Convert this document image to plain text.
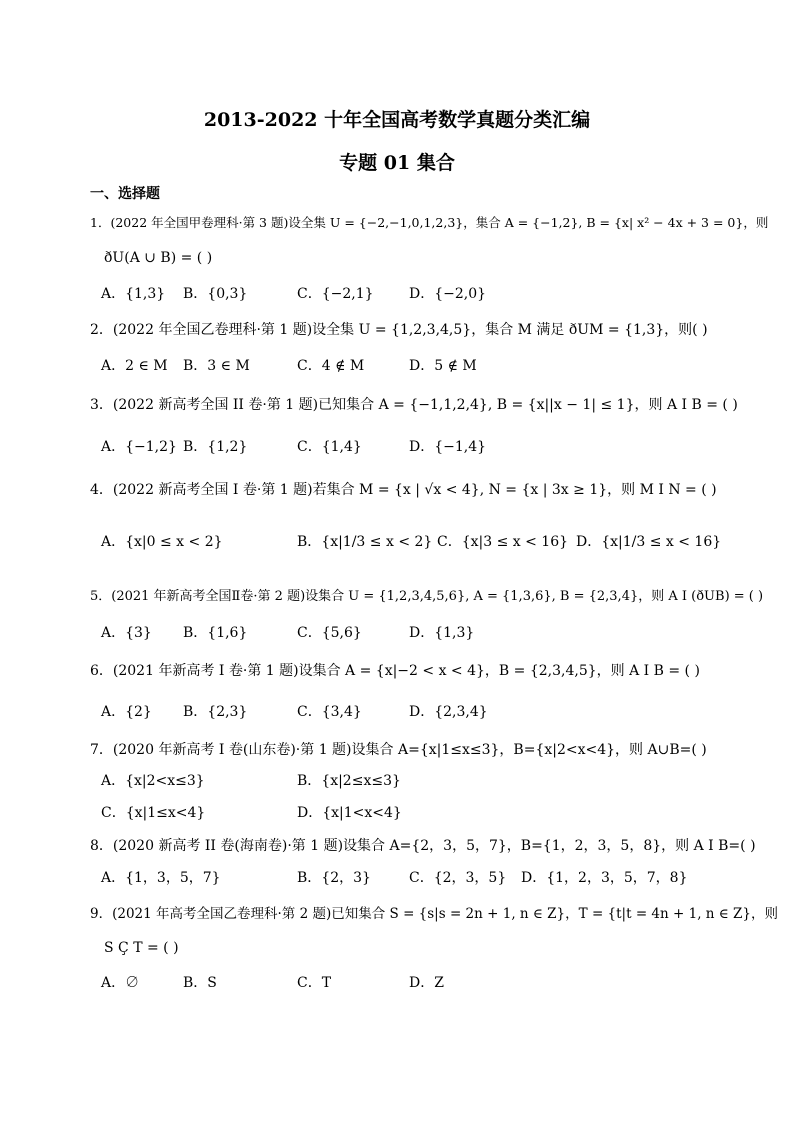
2013-2022 十年全国高考数学真题分类汇编
专题 01 集合
一、选择题
1．(2022 年全国甲卷理科·第 3 题)设全集 U = {−2,−1,0,1,2,3}，集合 A = {−1,2}, B = {x| x² − 4x + 3 = 0}，则
ðU(A ∪ B) = ( )
A．{1,3} B．{0,3}	C．{−2,1}	D．{−2,0}
2．(2022 年全国乙卷理科·第 1 题)设全集 U = {1,2,3,4,5}，集合 M 满足 ðUM = {1,3}，则( )
A．2 ∈ M B．3 ∈ M	C．4 ∉ M	D．5 ∉ M
3．(2022 新高考全国 II 卷·第 1 题)已知集合 A = {−1,1,2,4}, B = {x||x − 1| ≤ 1}，则 A I B = ( )
A．{−1,2} B．{1,2}	C．{1,4}	D．{−1,4}
4．(2022 新高考全国 I 卷·第 1 题)若集合 M = {x | √x < 4}, N = {x | 3x ≥ 1}，则 M I N = ( )
A．{x|0 ≤ x < 2}	B．{x|1/3 ≤ x < 2} C．{x|3 ≤ x < 16} D．{x|1/3 ≤ x < 16}
5．(2021 年新高考全国Ⅱ卷·第 2 题)设集合 U = {1,2,3,4,5,6}, A = {1,3,6}, B = {2,3,4}，则 A I (ðUB) = ( )
A．{3} B．{1,6}	C．{5,6}	D．{1,3}
6．(2021 年新高考 I 卷·第 1 题)设集合 A = {x|−2 < x < 4}，B = {2,3,4,5}，则 A I B = ( )
A．{2} B．{2,3}	C．{3,4}	D．{2,3,4}
7．(2020 年新高考 I 卷(山东卷)·第 1 题)设集合 A={x|1≤x≤3}，B={x|2<x<4}，则 A∪B=( )
A．{x|2<x≤3}	B．{x|2≤x≤3}
C．{x|1≤x<4}	D．{x|1<x<4}
8．(2020 新高考 II 卷(海南卷)·第 1 题)设集合 A={2，3，5，7}，B={1，2，3，5，8}，则 A I B=( )
A．{1，3，5，7}	B．{2，3}	C．{2，3，5} D．{1，2，3，5，7，8}
9．(2021 年高考全国乙卷理科·第 2 题)已知集合 S = {s|s = 2n + 1, n ∈ Z}，T = {t|t = 4n + 1, n ∈ Z}，则
S Ç T = ( )
A．∅	B．S	C．T	D．Z
